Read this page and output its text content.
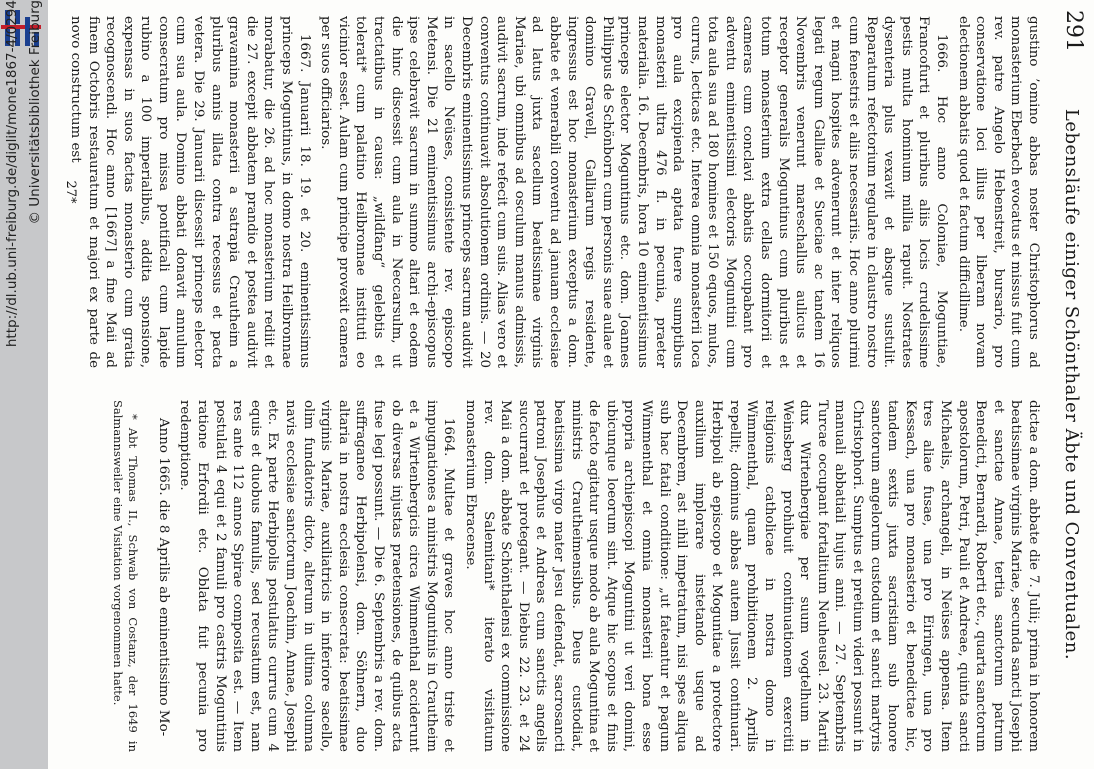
http://dl.ub.uni-freiburg.de/diglit/mone1867-4/0294 © Universitätsbibliothek Freiburg	291
Lebensläufe einiger Schönthaler Äbte und Conventualen.

gustino ’omino abbas noster Christophorus ad monasterium Eberbach evocatus et missus fuit cum rev. patre Angelo Hebenstreit, bursario, pro conservatione loci illius per liberam novam electionem abbatis quod et factum difficillime.

1666. Hoc anno Coloniae, Moguntiae, Francofurti et pluribus aliis locis crudelissime pestis multa hominum millia rapuit. Nostrates dysenteria plus vexavit et absque sustulit. Reparatum refectorium regulare in claustro nostro cum fenestris et aliis necessariis. Hoc anno plurimi et magni hospites advenerunt et inter reliquos legati regum Galliae et Sueciae ac tandem 16 Novembris venerunt mareschallus aulicus et receptor generalis Moguntinus cum pluribus et totum monasterium extra cellas dormitorii et cameras cum conclavi abbatis occupabant pro adventu eminentissimi electoris Moguntini cum tota aula sua ad 180 homines et 150 equos, mulos, currus, lecticas etc. Interea omnia monasterii loca pro aula excipienda aptata fuere sumptibus monasterii ultra 476 fl. in pecunia, praeter materialia. 16. Decembris, hora 10 eminentissimus princeps elector Moguntinus etc. dom. Joannes Philippus de Schönborn cum personis suae aulae et domino Gravell, Galliarum regis residente, ingressus est hoc monasterium exceptus a dom. abbate et venerabili conventu ad januam ecclesiae ad latus juxta sacellum beatissimae virginis Mariae, ubi omnibus ad osculum manus admissis, audivit sacrum, inde refecit cum suis. Alias vero et conventus continuavit absolutionem ordinis. — 20 Decembris eminentissimus princeps sacrum audivit in sacello Neüses, consistente rev. episcopo Metensi. Die 21 eminentissimus archi-episcopus ipse celebravit sacrum in summo altari et eodem die hinc discessit cum aula in Neccarsulm, ut tractatibus in causa: „wildfang“ gelebtis et tolerati* cum palatino Heilbronnae instituti eo vicinior esset. Aulam cum principe provexit camera per suos officiarios.

1667. Januarii 18. 19. et 20. eminentissimus princeps Moguntinus, in domo nostra Heilbronnae morabatur, die 26. ad hoc monasterium rediit et die 27. excepit abbatem prandio et postea audivit gravamina monasterii a satrapia Crautheim a pluribus annis illata contra recessus et pacta vetera. Die 29. Januarii discessit princeps elector cum sua aula. Domino abbati donavit annulum consecratum pro missa pontificali cum lapide rubino a 100 imperialibus, addita sponsione, expensas in suos factas monasterio cum gratia recognoscendi. Hoc anno [1667] a fine Maii ad finem Octobris restauratum et majori ex parte de novo constructum est

dictae a dom. abbate die 7. Julii; prima in honorem beatissimae virginis Mariae, secunda sancti Josephi et sanctae Annae, tertia sanctorum patrum Benedicti, Bernardi, Roberti etc., quarta sanctorum apostolorum, Petri, Pauli et Andreae, quinta sancti Michaelis, archangeli, in Neüses appensa. Item tres aliae fusae, una pro Eiringen, una pro Kessach, una pro monasterio et benedictae hic, tandem sextis juxta sacristiam sub honore sanctorum angelorum custodum et sancti martyris Christophori. Sumptus et pretium videri possunt in manuali abbatiali hujus anni. — 27. Septembris Turcae occupant fortalitium Neuheusel. 23. Martii dux Wirtenbergiae per suum vogtelhum in Weinsberg prohibuit continuationem exercitii religionis catholicae in nostra domo in Wimmenthal, quam prohibitionem 2. Aprilis repellit; dominus abbas autem Jussit continuari. Herbipoli ab episcopo et Moguntiae a protectore auxilium implorare instetando usque ad Decembrem, ast nihil impetratum, nisi spes aliqua sub hac fatali conditione: „ut fateantur et pagum Wimmenthal et omnia monasterii bona esse propria archiepiscopi Moguntini ut veri domini, ubicunque loeorum sint. Atque hic scopus et finis de facto agitatur usque modo ab aula Moguntina et ministris Crautheimensibus. Deus custodiat, beatissima virgo mater Jesu defendat, sacrosancti patroni Josephus et Andreas cum sanctis angelis succurrant et protegant. — Diebus 22. 23. et 24 Maii a dom. abbate Schönthalensi ex commissione rev. dom. Salemitani* iterato visitatum monasterium Ebracense.

1664. Multae et graves hoc anno triste et impugnationes a ministris Moguntinis in Crautheim et a Wirtenbergicis circa Wimmenthal acciderunt ob diversas injustas praetensiones, de quibus acta fuse legi possunt. — Die 6. Septembris a rev. dom. suffraganeo Herbipolensi, dom. Söhnern, duo altaria in nostra ecclesia consecrata: beatissimae virginis Mariae, auxiliatricis in inferiore sacello, olim fundatoris dicto, alterum in ultima columna navis ecclesiae sanctorum Joachim, Annae, Josephi etc. Ex parte Herbipolis postulatus currus cum 4 equis et duobus famulis, sed recusatum est, nam res ante 112 annos Spirae composita est. — Item postulati 4 equi et 2 famuli pro castris Moguntinis ratione Erfordii etc. Oblata fuit pecunia pro redemptione.

Anno 1665. die 8 Aprilis ab eminentissimo Mo-

* Abt Thomas II., Schwab von Costanz, der 1649 in Salmannsweiler eine Visitation vorgenommen hatte.

27*
